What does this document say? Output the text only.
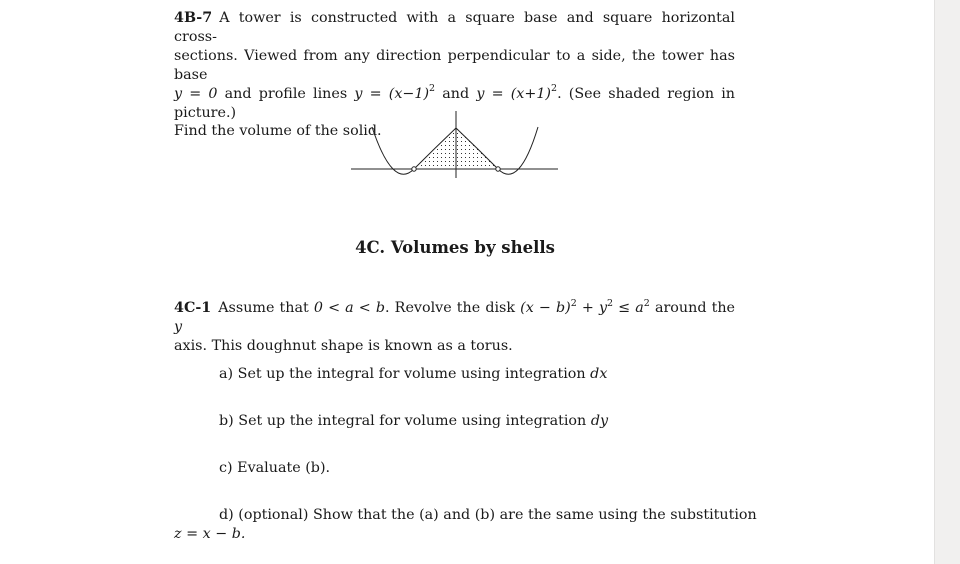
4B-7 A tower is constructed with a square base and square horizontal cross-
sections. Viewed from any direction perpendicular to a side, the tower has base
y = 0 and profile lines $y = (x-1)^2$ and $y = (x+1)^2$. (See shaded region in picture.)
Find the volume of the solid.
4C. Volumes by shells
4C-1 Assume that 0 < a < b. Revolve the disk $(x - b)^2 + y^2 \le a^2$ around the y
axis. This doughnut shape is known as a torus.
a) Set up the integral for volume using integration dx
b) Set up the integral for volume using integration dy
c) Evaluate (b).
d) (optional) Show that the (a) and (b) are the same using the substitution
z = x − b.
